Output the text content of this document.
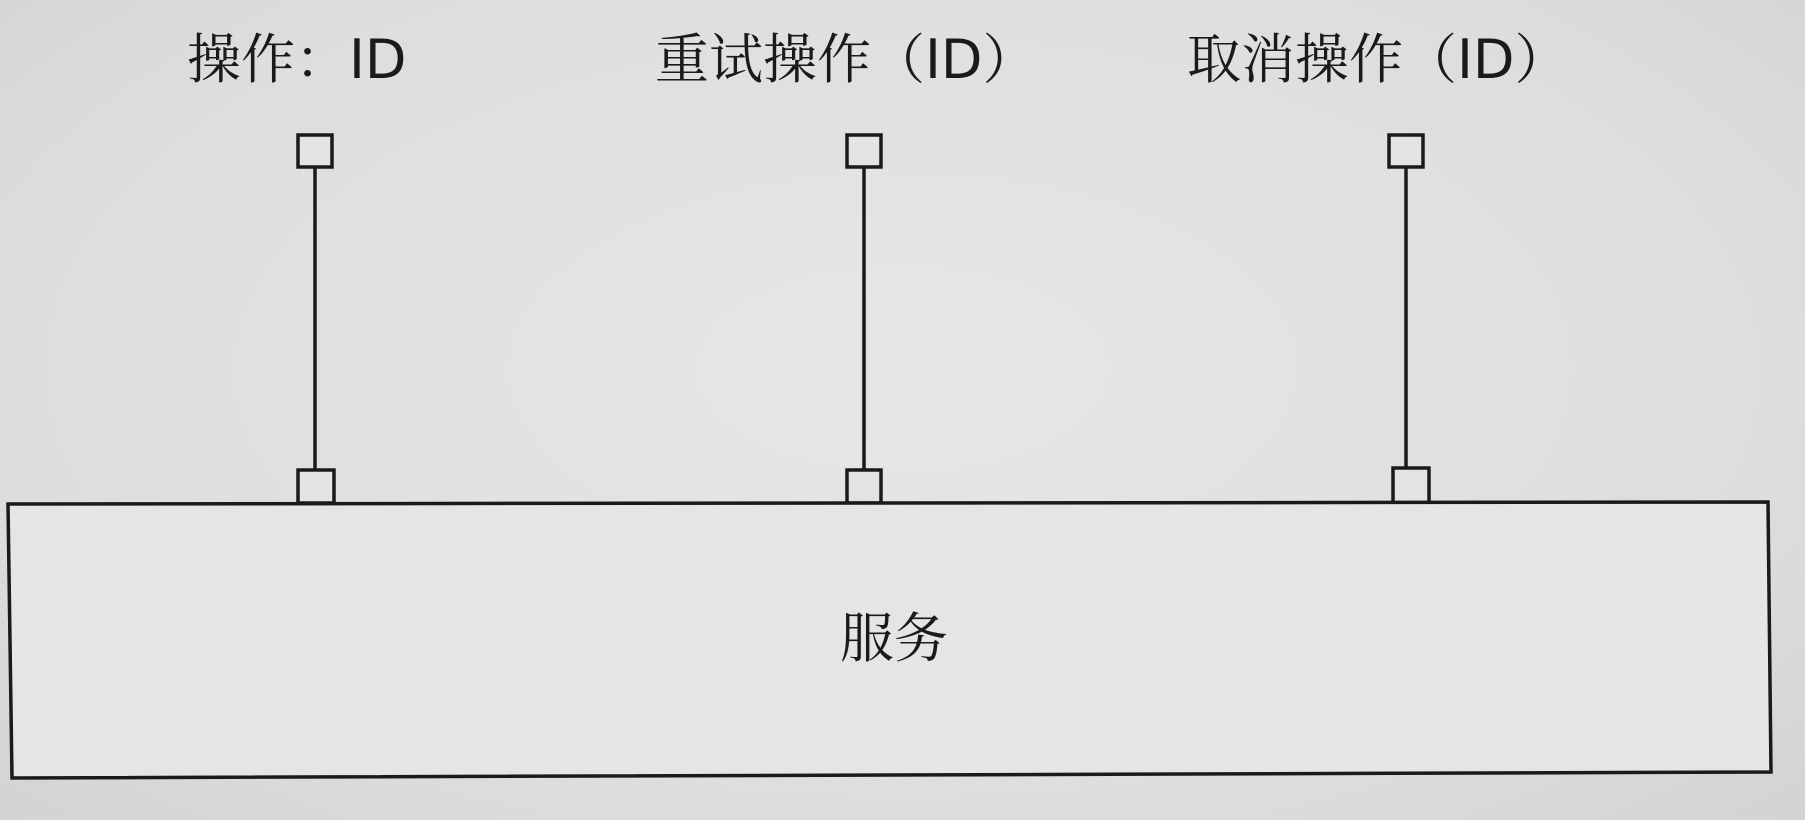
操作：ID	重试操作（ID）	取消操作（ID）
服务
